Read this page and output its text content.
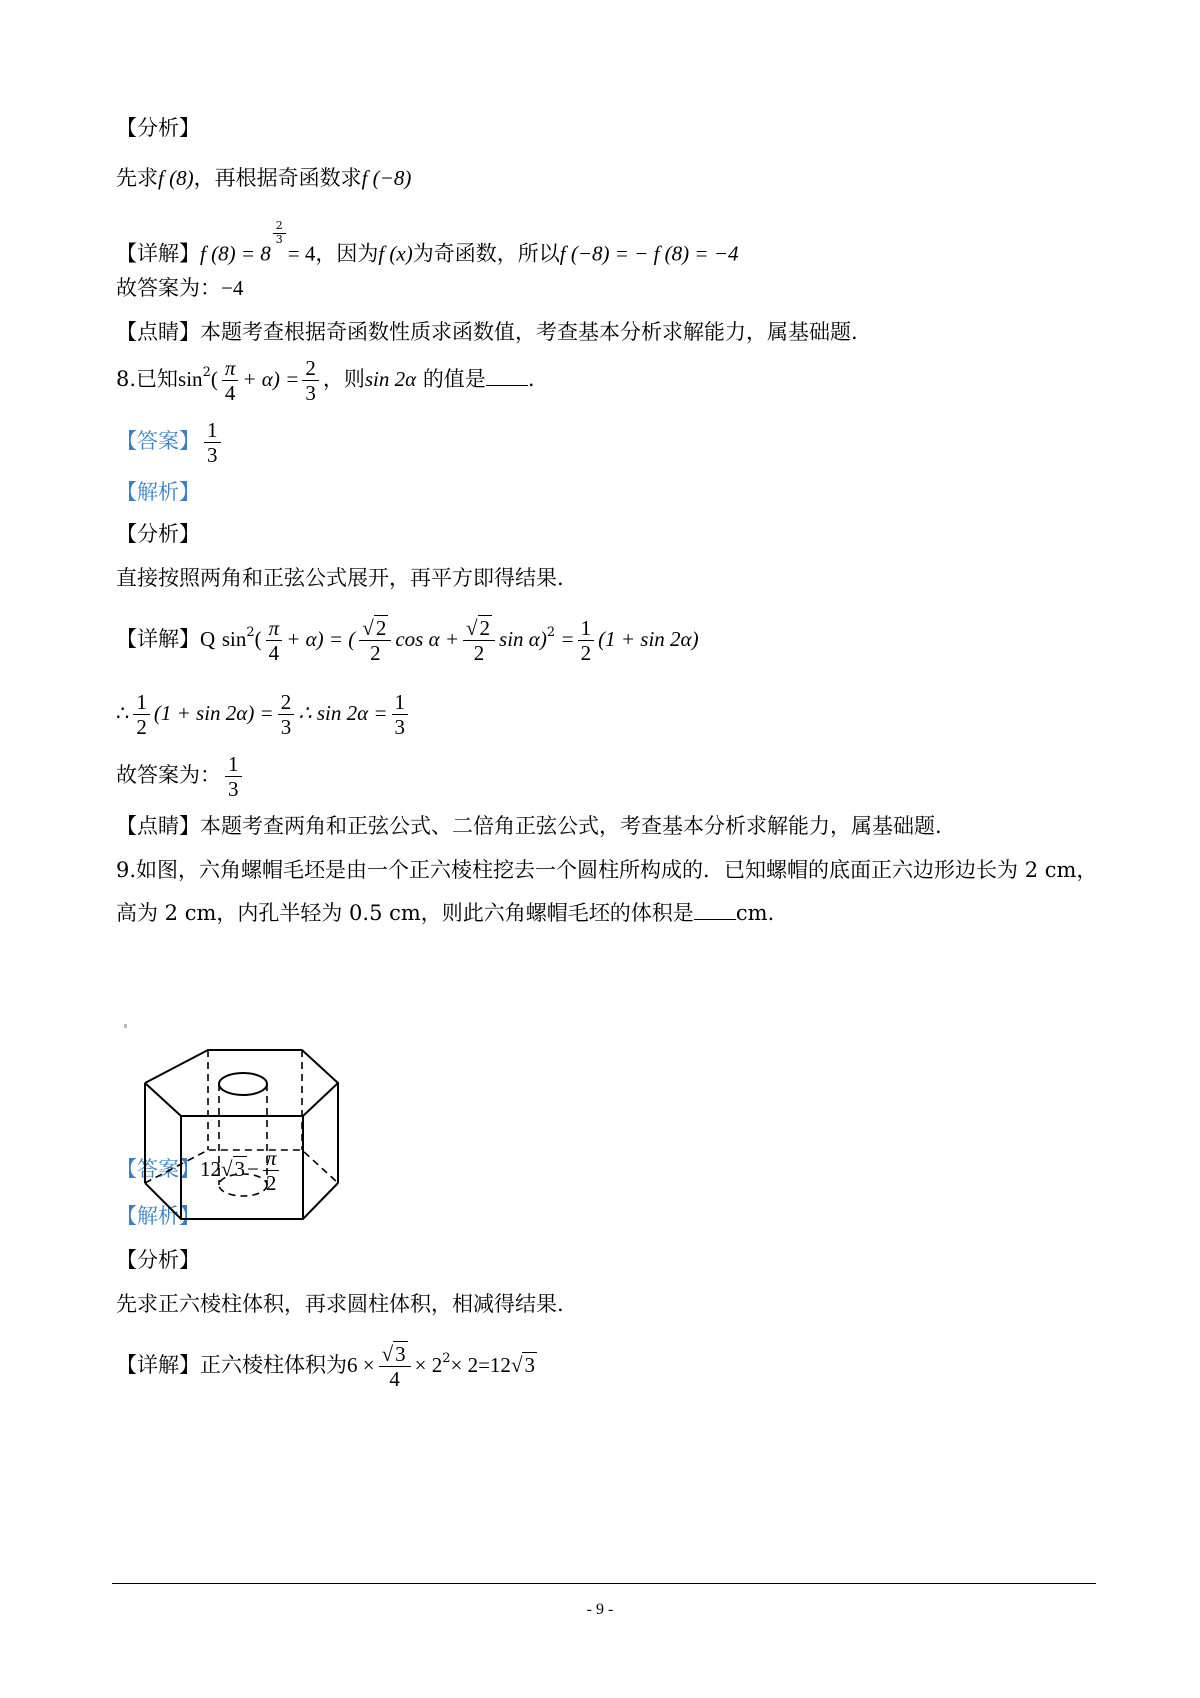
【分析】
先求f (8)，再根据奇函数求f (−8)
【详解】f (8) = 8
$\frac{2}{3}$
= 4，因为f (x)为奇函数，所以f (−8) = − f (8) = −4
故答案为：−4
【点睛】本题考查根据奇函数性质求函数值，考查基本分析求解能力，属基础题.
8.已知$\sin^2( \frac{\pi}{4} + \alpha) = \frac{2}{3}$ ，则sin 2α 的值是 .
【答案】 $\frac{1}{3}$
【解析】
【分析】
直接按照两角和正弦公式展开，再平方即得结果.
【详解】Q $\sin^2( \frac{\pi}{4} + \alpha)$ = ( $\frac{√2}{2}$ $\cos \alpha + \frac{√2}{2}$ $\sin \alpha)^2 = \frac{1}{2} (1 + \sin 2\alpha)$
∴ $\frac{1}{2} (1 + \sin 2\alpha) = \frac{2}{3}$ ∴ $\sin 2\alpha = \frac{1}{3}$
故答案为： $\frac{1}{3}$
【点睛】本题考查两角和正弦公式、二倍角正弦公式，考查基本分析求解能力，属基础题.
9.如图，六角螺帽毛坯是由一个正六棱柱挖去一个圆柱所构成的．已知螺帽的底面正六边形边长为 2 cm，
高为 2 cm，内孔半轻为 0.5 cm，则此六角螺帽毛坯的体积是 cm.
【答案】$12√3- \frac{\pi}{2}$
【解析】
【分析】
先求正六棱柱体积，再求圆柱体积，相减得结果.
【详解】正六棱柱体积为$6 \times \frac{√3}{4} \times 2^2\times 2=12√3$
- 9 -
